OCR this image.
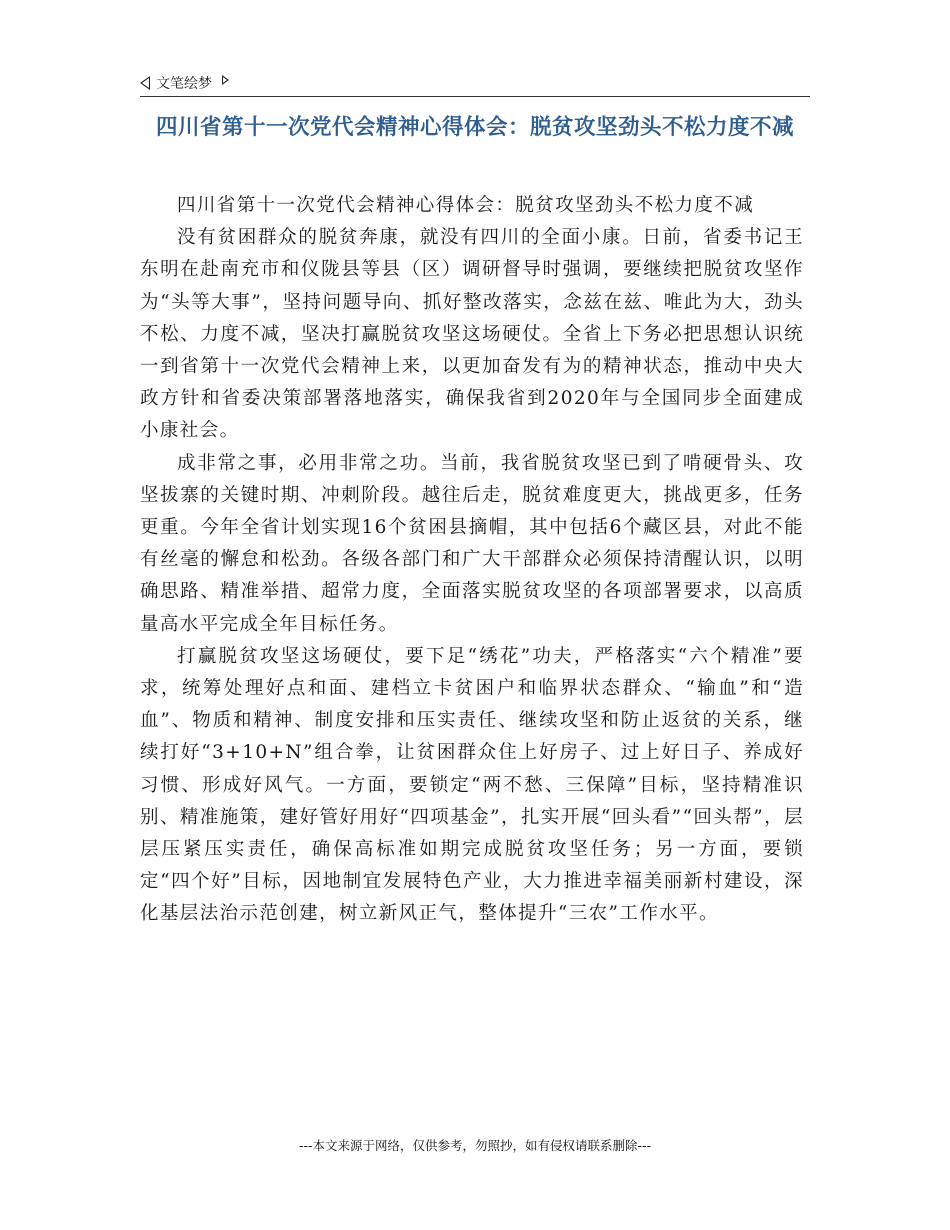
文笔绘梦
四川省第十一次党代会精神心得体会：脱贫攻坚劲头不松力度不减

四川省第十一次党代会精神心得体会：脱贫攻坚劲头不松力度不减

没有贫困群众的脱贫奔康，就没有四川的全面小康。日前，省委书记王东明在赴南充市和仪陇县等县（区）调研督导时强调，要继续把脱贫攻坚作为“头等大事”，坚持问题导向、抓好整改落实，念兹在兹、唯此为大，劲头不松、力度不减，坚决打赢脱贫攻坚这场硬仗。全省上下务必把思想认识统一到省第十一次党代会精神上来，以更加奋发有为的精神状态，推动中央大政方针和省委决策部署落地落实，确保我省到2020年与全国同步全面建成小康社会。

成非常之事，必用非常之功。当前，我省脱贫攻坚已到了啃硬骨头、攻坚拔寨的关键时期、冲刺阶段。越往后走，脱贫难度更大，挑战更多，任务更重。今年全省计划实现16个贫困县摘帽，其中包括6个藏区县，对此不能有丝毫的懈怠和松劲。各级各部门和广大干部群众必须保持清醒认识，以明确思路、精准举措、超常力度，全面落实脱贫攻坚的各项部署要求，以高质量高水平完成全年目标任务。

打赢脱贫攻坚这场硬仗，要下足“绣花”功夫，严格落实“六个精准”要求，统筹处理好点和面、建档立卡贫困户和临界状态群众、“输血”和“造血”、物质和精神、制度安排和压实责任、继续攻坚和防止返贫的关系，继续打好“3+10+N”组合拳，让贫困群众住上好房子、过上好日子、养成好习惯、形成好风气。一方面，要锁定“两不愁、三保障”目标，坚持精准识别、精准施策，建好管好用好“四项基金”，扎实开展“回头看”“回头帮”，层层压紧压实责任，确保高标准如期完成脱贫攻坚任务；另一方面，要锁定“四个好”目标，因地制宜发展特色产业，大力推进幸福美丽新村建设，深化基层法治示范创建，树立新风正气，整体提升“三农”工作水平。

---本文来源于网络，仅供参考，勿照抄，如有侵权请联系删除---
